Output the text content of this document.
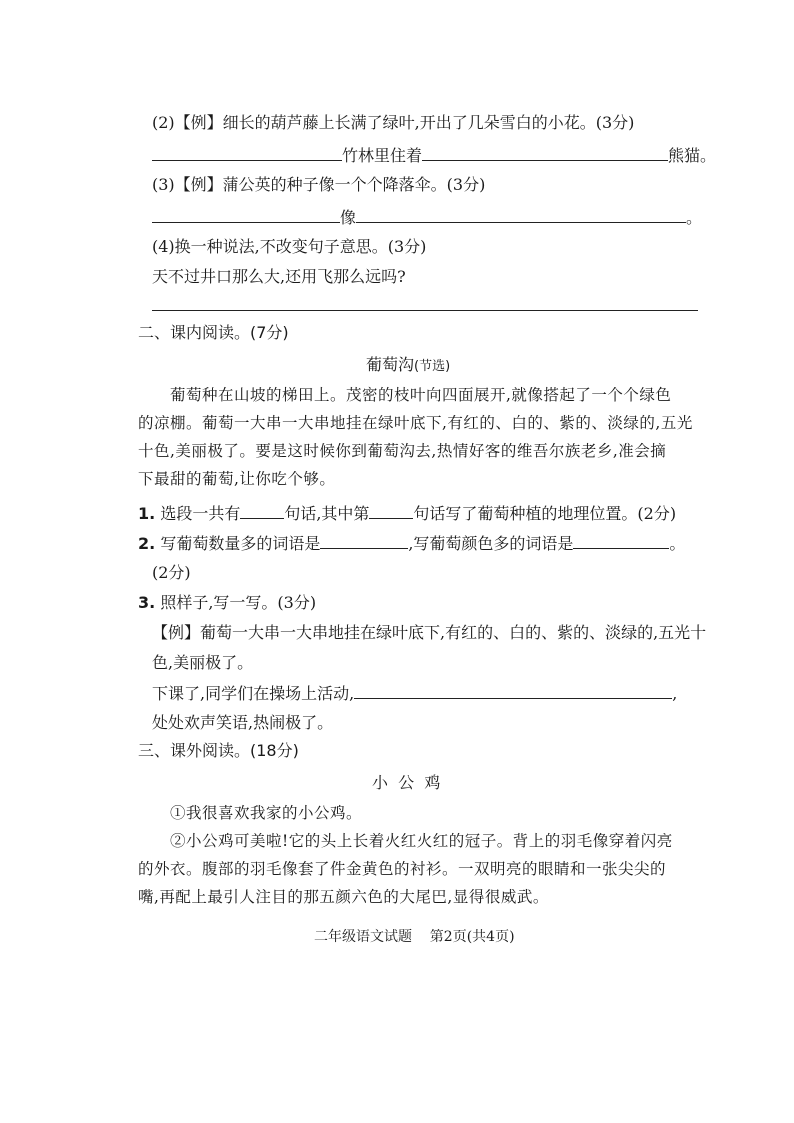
(2)【例】细长的葫芦藤上长满了绿叶,开出了几朵雪白的小花。(3分)
竹林里住着	熊猫。
(3)【例】蒲公英的种子像一个个降落伞。(3分)
像	。
(4)换一种说法,不改变句子意思。(3分)
天不过井口那么大,还用飞那么远吗?
二、课内阅读。(7分)
葡萄沟(节选)
葡萄种在山坡的梯田上。茂密的枝叶向四面展开,就像搭起了一个个绿色
的凉棚。葡萄一大串一大串地挂在绿叶底下,有红的、白的、紫的、淡绿的,五光
十色,美丽极了。要是这时候你到葡萄沟去,热情好客的维吾尔族老乡,准会摘
下最甜的葡萄,让你吃个够。
1. 选段一共有	句话,其中第	句话写了葡萄种植的地理位置。(2分)
2. 写葡萄数量多的词语是	,写葡萄颜色多的词语是	。
(2分)
3. 照样子,写一写。(3分)
【例】葡萄一大串一大串地挂在绿叶底下,有红的、白的、紫的、淡绿的,五光十
色,美丽极了。
下课了,同学们在操场上活动,	,
处处欢声笑语,热闹极了。
三、课外阅读。(18分)
小  公  鸡
①我很喜欢我家的小公鸡。
②小公鸡可美啦!它的头上长着火红火红的冠子。背上的羽毛像穿着闪亮
的外衣。腹部的羽毛像套了件金黄色的衬衫。一双明亮的眼睛和一张尖尖的
嘴,再配上最引人注目的那五颜六色的大尾巴,显得很威武。
二年级语文试题    第2页(共4页)
